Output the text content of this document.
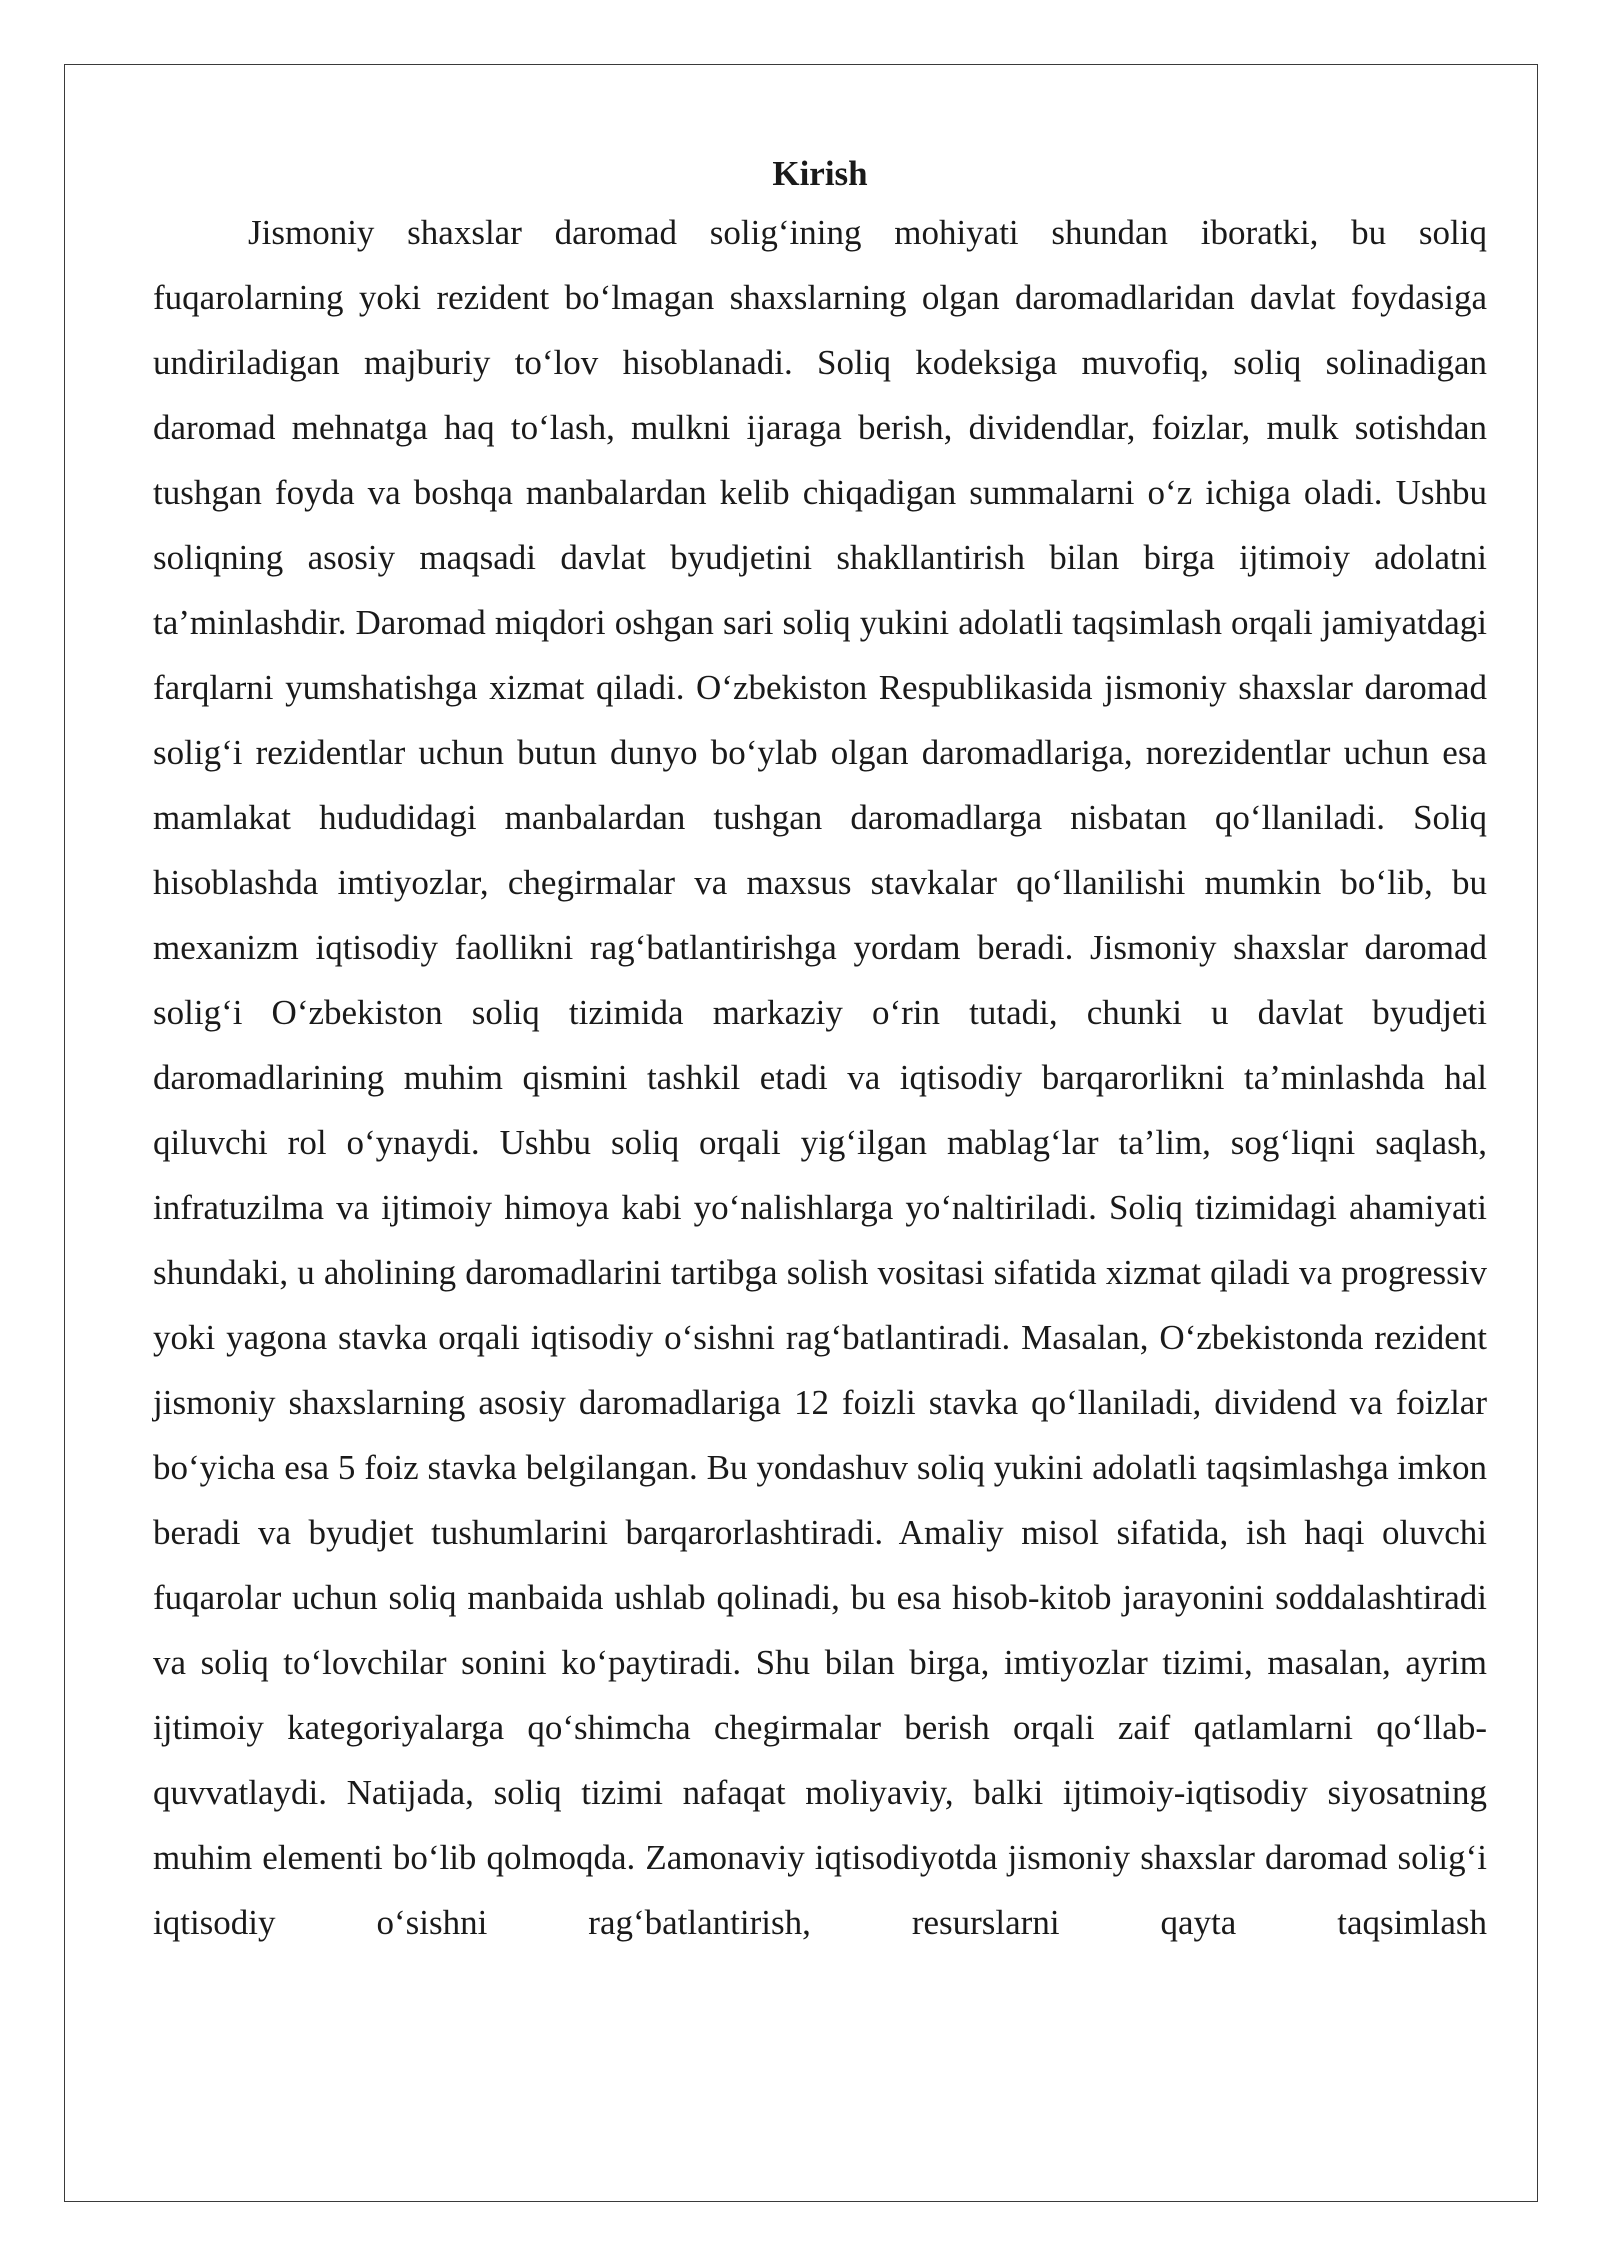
Kirish

Jismoniy shaxslar daromad solig‘ining mohiyati shundan iboratki, bu soliq fuqarolarning yoki rezident bo‘lmagan shaxslarning olgan daromadlaridan davlat foydasiga undiriladigan majburiy to‘lov hisoblanadi. Soliq kodeksiga muvofiq, soliq solinadigan daromad mehnatga haq to‘lash, mulkni ijaraga berish, dividendlar, foizlar, mulk sotishdan tushgan foyda va boshqa manbalardan kelib chiqadigan summalarni o‘z ichiga oladi. Ushbu soliqning asosiy maqsadi davlat byudjetini shakllantirish bilan birga ijtimoiy adolatni ta’minlashdir. Daromad miqdori oshgan sari soliq yukini adolatli taqsimlash orqali jamiyatdagi farqlarni yumshatishga xizmat qiladi. O‘zbekiston Respublikasida jismoniy shaxslar daromad solig‘i rezidentlar uchun butun dunyo bo‘ylab olgan daromadlariga, norezidentlar uchun esa mamlakat hududidagi manbalardan tushgan daromadlarga nisbatan qo‘llaniladi. Soliq hisoblashda imtiyozlar, chegirmalar va maxsus stavkalar qo‘llanilishi mumkin bo‘lib, bu mexanizm iqtisodiy faollikni rag‘batlantirishga yordam beradi. Jismoniy shaxslar daromad solig‘i O‘zbekiston soliq tizimida markaziy o‘rin tutadi, chunki u davlat byudjeti daromadlarining muhim qismini tashkil etadi va iqtisodiy barqarorlikni ta’minlashda hal qiluvchi rol o‘ynaydi. Ushbu soliq orqali yig‘ilgan mablag‘lar ta’lim, sog‘liqni saqlash, infratuzilma va ijtimoiy himoya kabi yo‘nalishlarga yo‘naltiriladi. Soliq tizimidagi ahamiyati shundaki, u aholining daromadlarini tartibga solish vositasi sifatida xizmat qiladi va progressiv yoki yagona stavka orqali iqtisodiy o‘sishni rag‘batlantiradi. Masalan, O‘zbekistonda rezident jismoniy shaxslarning asosiy daromadlariga 12 foizli stavka qo‘llaniladi, dividend va foizlar bo‘yicha esa 5 foiz stavka belgilangan. Bu yondashuv soliq yukini adolatli taqsimlashga imkon beradi va byudjet tushumlarini barqarorlashtiradi. Amaliy misol sifatida, ish haqi oluvchi fuqarolar uchun soliq manbaida ushlab qolinadi, bu esa hisob-kitob jarayonini soddalashtiradi va soliq to‘lovchilar sonini ko‘paytiradi. Shu bilan birga, imtiyozlar tizimi, masalan, ayrim ijtimoiy kategoriyalarga qo‘shimcha chegirmalar berish orqali zaif qatlamlarni qo‘llab-quvvatlaydi. Natijada, soliq tizimi nafaqat moliyaviy, balki ijtimoiy-iqtisodiy siyosatning muhim elementi bo‘lib qolmoqda. Zamonaviy iqtisodiyotda jismoniy shaxslar daromad solig‘i iqtisodiy o‘sishni rag‘batlantirish, resurslarni qayta taqsimlash
